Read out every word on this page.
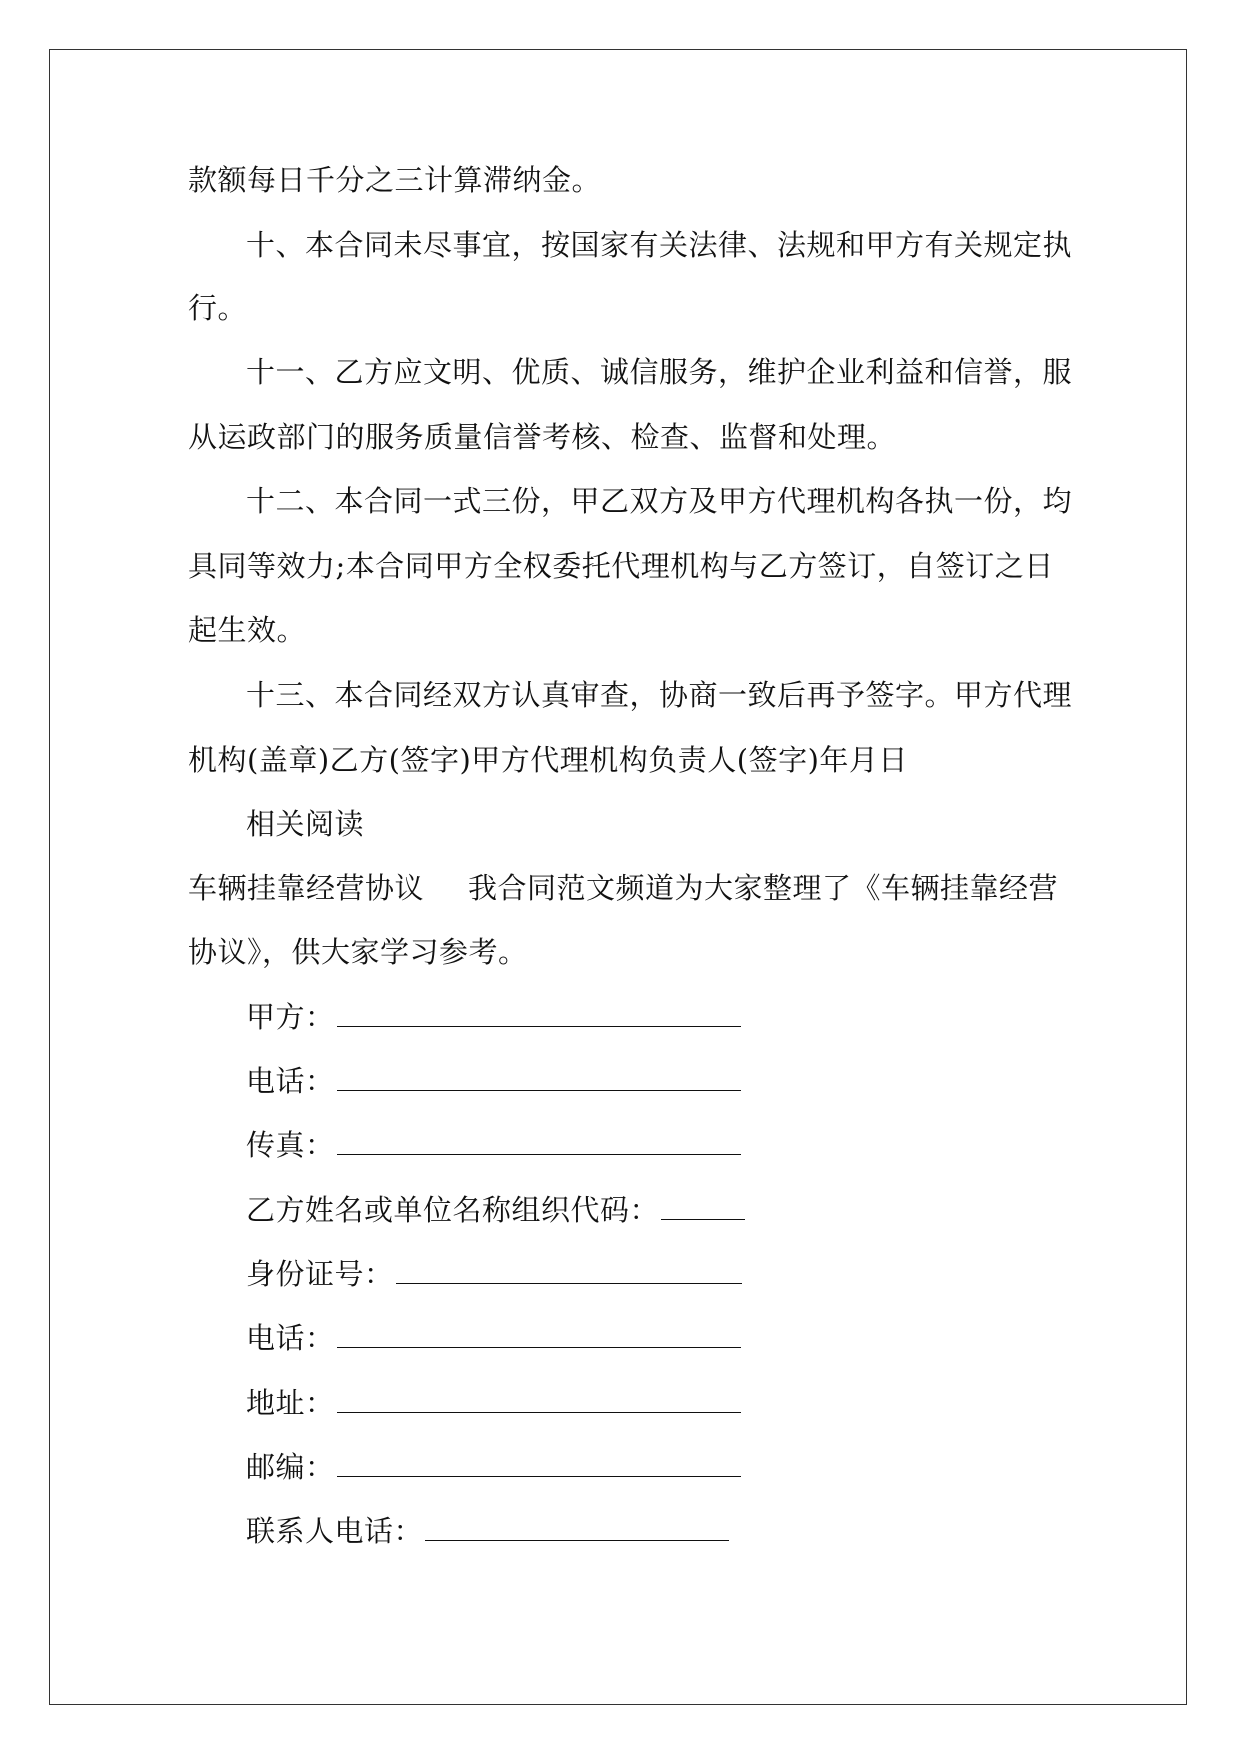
款额每日千分之三计算滞纳金。
十、本合同未尽事宜，按国家有关法律、法规和甲方有关规定执
行。
十一、乙方应文明、优质、诚信服务，维护企业利益和信誉，服
从运政部门的服务质量信誉考核、检查、监督和处理。
十二、本合同一式三份，甲乙双方及甲方代理机构各执一份，均
具同等效力;本合同甲方全权委托代理机构与乙方签订，自签订之日
起生效。
十三、本合同经双方认真审查，协商一致后再予签字。甲方代理
机构(盖章)乙方(签字)甲方代理机构负责人(签字)年月日
相关阅读
车辆挂靠经营协议 我合同范文频道为大家整理了《车辆挂靠经营
协议》，供大家学习参考。
甲方：
电话：
传真：
乙方姓名或单位名称组织代码：
身份证号：
电话：
地址：
邮编：
联系人电话：
